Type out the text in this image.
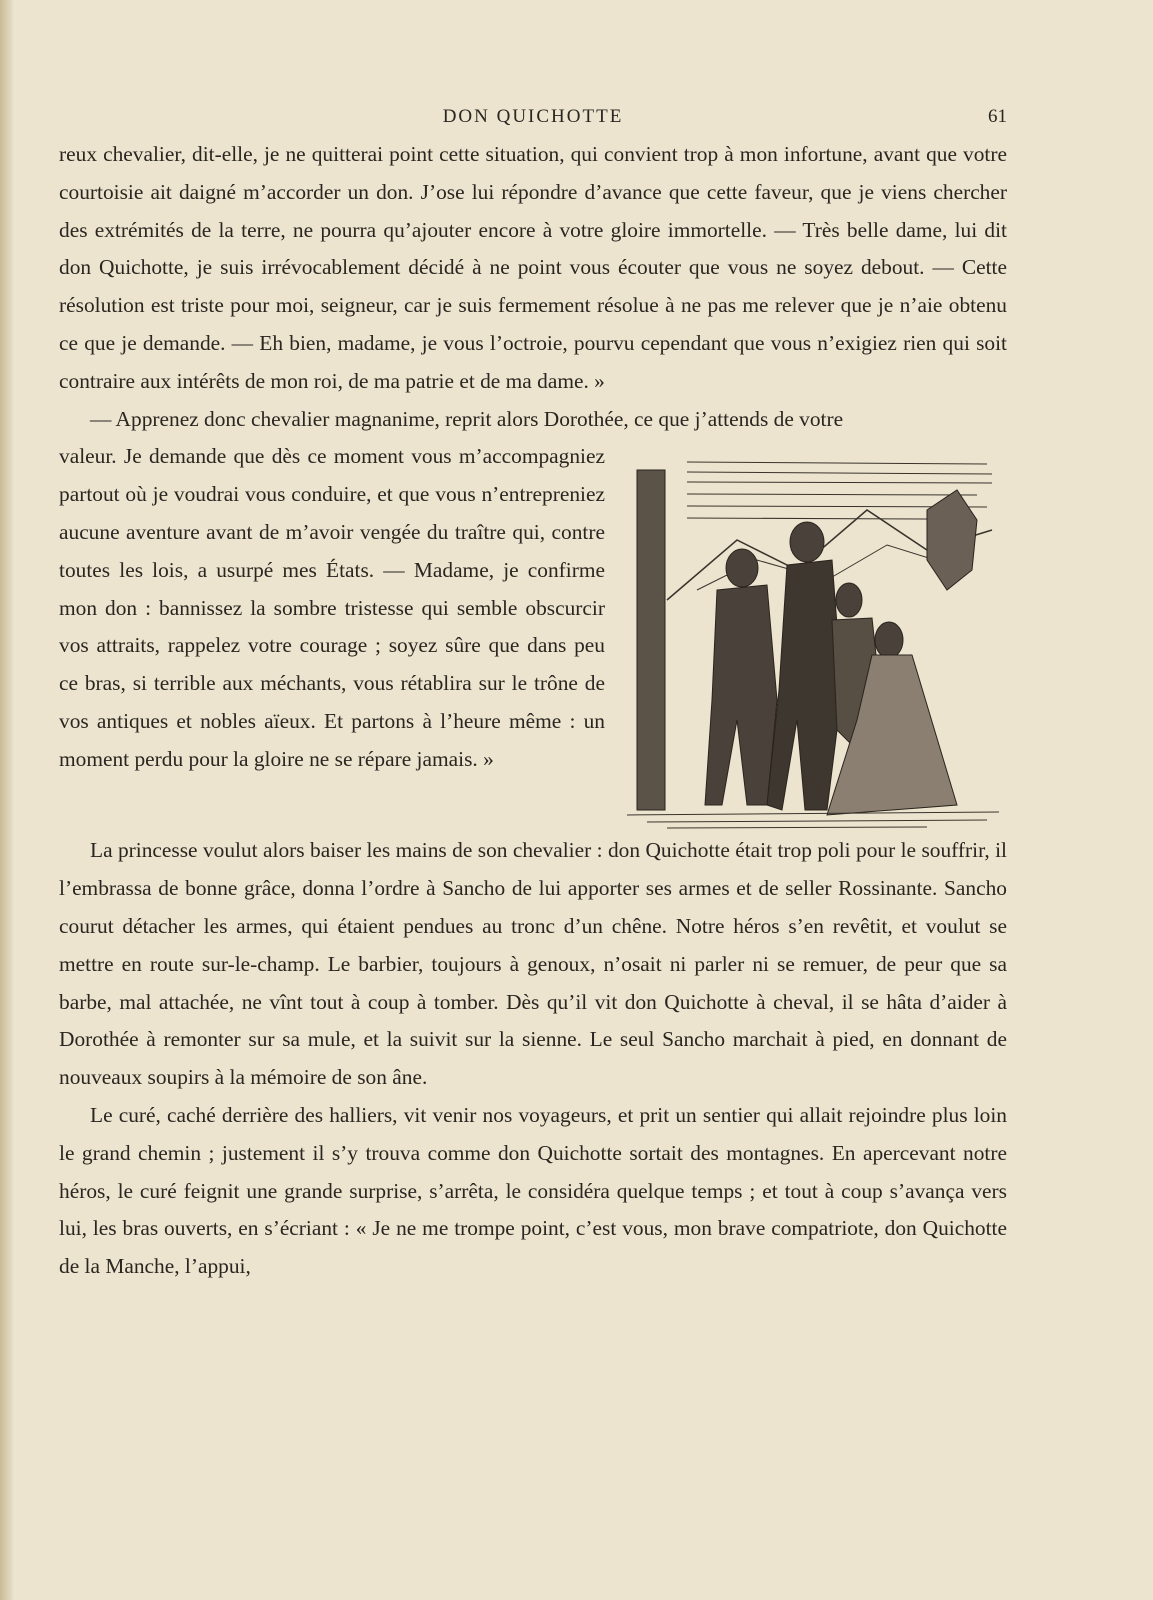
DON QUICHOTTE	61

reux chevalier, dit-elle, je ne quitterai point cette situation, qui convient trop à mon infortune, avant que votre courtoisie ait daigné m’accorder un don. J’ose lui répondre d’avance que cette faveur, que je viens chercher des extrémités de la terre, ne pourra qu’ajouter encore à votre gloire immortelle. — Très belle dame, lui dit don Quichotte, je suis irrévocablement décidé à ne point vous écouter que vous ne soyez debout. — Cette résolution est triste pour moi, seigneur, car je suis fermement résolue à ne pas me relever que je n’aie obtenu ce que je demande. — Eh bien, madame, je vous l’octroie, pourvu cependant que vous n’exigiez rien qui soit contraire aux intérêts de mon roi, de ma patrie et de ma dame. »

— Apprenez donc chevalier magnanime, reprit alors Dorothée, ce que j’attends de votre

valeur. Je demande que dès ce moment vous m’accompagniez partout où je voudrai vous conduire, et que vous n’entrepreniez aucune aventure avant de m’avoir vengée du traître qui, contre toutes les lois, a usurpé mes États. — Madame, je confirme mon don : bannissez la sombre tristesse qui semble obscurcir vos attraits, rappelez votre courage ; soyez sûre que dans peu ce bras, si terrible aux méchants, vous rétablira sur le trône de vos antiques et nobles aïeux. Et partons à l’heure même : un moment perdu pour la gloire ne se répare jamais. »

La princesse voulut alors baiser les mains de son chevalier : don Quichotte était trop poli pour le souffrir, il l’embrassa de bonne grâce, donna l’ordre à Sancho de lui apporter ses armes et de seller Rossinante. Sancho courut détacher les armes, qui étaient pendues au tronc d’un chêne. Notre héros s’en revêtit, et voulut se mettre en route sur-le-champ. Le barbier, toujours à genoux, n’osait ni parler ni se remuer, de peur que sa barbe, mal attachée, ne vînt tout à coup à tomber. Dès qu’il vit don Quichotte à cheval, il se hâta d’aider à Dorothée à remonter sur sa mule, et la suivit sur la sienne. Le seul Sancho marchait à pied, en donnant de nouveaux soupirs à la mémoire de son âne.

Le curé, caché derrière des halliers, vit venir nos voyageurs, et prit un sentier qui allait rejoindre plus loin le grand chemin ; justement il s’y trouva comme don Quichotte sortait des montagnes. En apercevant notre héros, le curé feignit une grande surprise, s’arrêta, le considéra quelque temps ; et tout à coup s’avança vers lui, les bras ouverts, en s’écriant : « Je ne me trompe point, c’est vous, mon brave compatriote, don Quichotte de la Manche, l’appui,
